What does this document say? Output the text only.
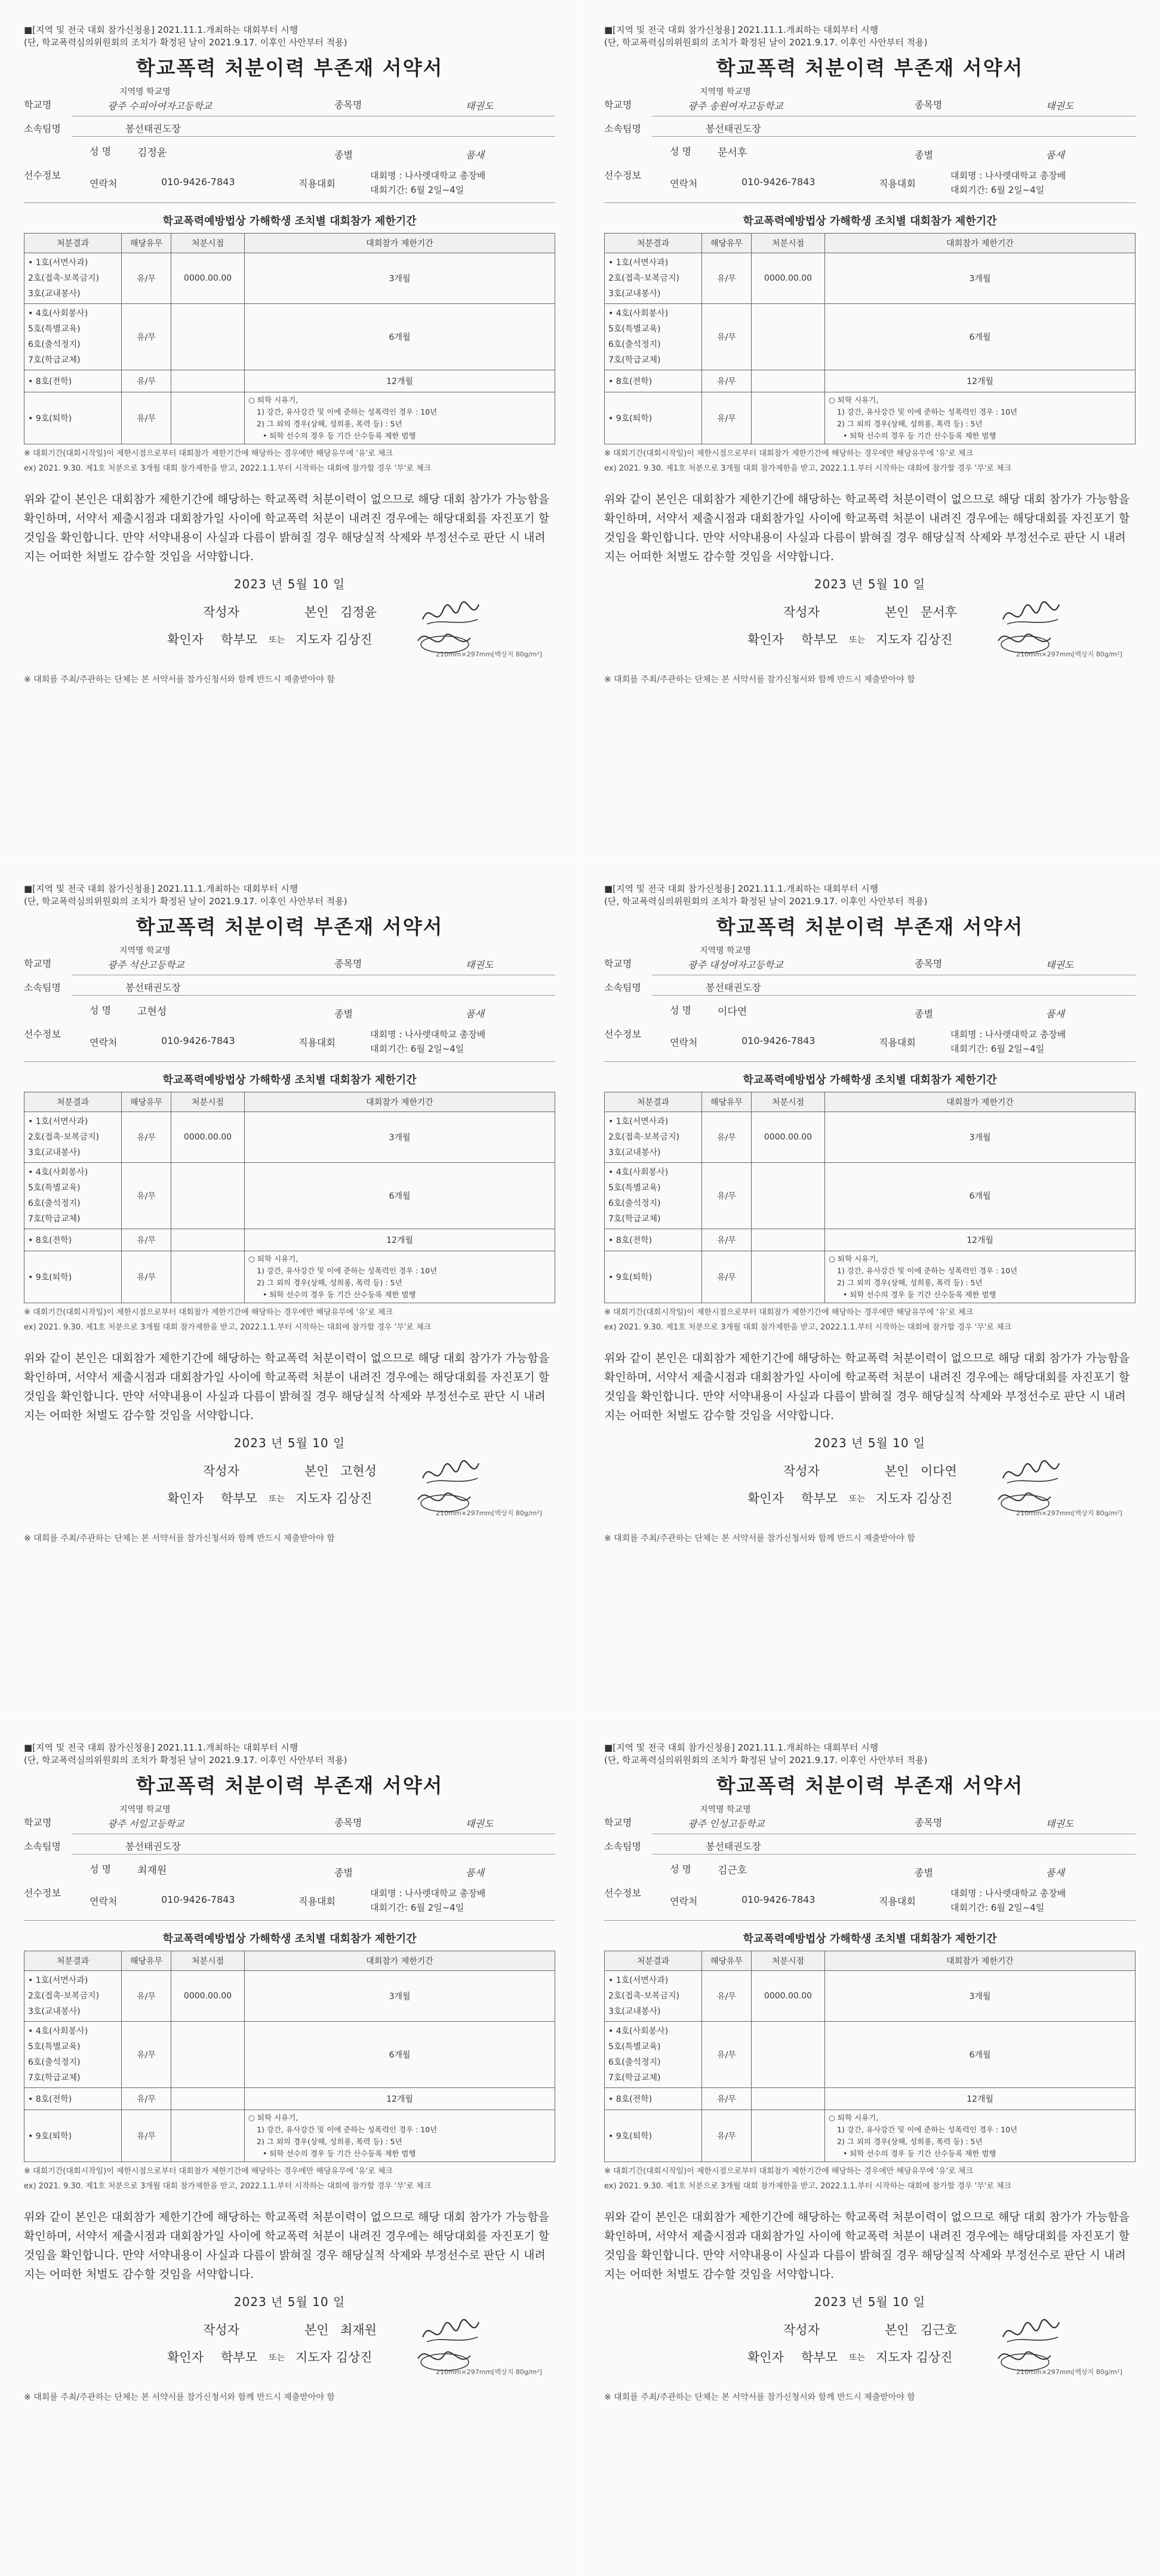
■[지역 및 전국 대회 참가신청용] 2021.11.1.개최하는 대회부터 시행
(단, 학교폭력심의위원회의 조치가 확정된 날이 2021.9.17. 이후인 사안부터 적용)
학교폭력 처분이력 부존재 서약서
지역명 학교명
학교명	광주 수피아여자고등학교	종목명	태권도
소속팀명	봉선태권도장
선수정보
성 명	김정윤	종별	품새
연락처	010-9426-7843	직용대회
대회명 : 나사렛대학교 총장배
대회기간: 6월 2일~4일
학교폭력예방법상 가해학생 조치별 대회참가 제한기간
처분결과	해당유무	처분시점	대회참가 제한기간

• 1호(서면사과)
2호(접촉·보복금지)
3호(교내봉사)	유/무	0000.00.00	3개월

• 4호(사회봉사)
5호(특별교육)
6호(출석정지)
7호(학급교체)	유/무		6개월
• 8호(전학)	유/무		12개월
• 9호(퇴학)	유/무		○ 퇴학 시유기,
1) 강간, 유사강간 및 이에 준하는 성폭력인 경우 : 10년
2) 그 외의 경우(상해, 성희롱, 폭력 등) : 5년
• 퇴학 선수의 경우 등 기간 산수등록 제한 범행
※ 대회기간(대회시작일)이 제한시점으로부터 대회참가 제한기간에 해당하는 경우에만 해당유무에 '유'로 체크
ex) 2021. 9.30. 제1호 처분으로 3개월 대회 참가제한을 받고, 2022.1.1.부터 시작하는 대회에 참가할 경우 '무'로 체크
위와 같이 본인은 대회참가 제한기간에 해당하는 학교폭력 처분이력이 없으므로 해당 대회 참가가 가능함을 확인하며, 서약서 제출시점과 대회참가일 사이에 학교폭력 처분이 내려진 경우에는 해당대회를 자진포기 할 것임을 확인합니다. 만약 서약내용이 사실과 다름이 밝혀질 경우 해당실적 삭제와 부정선수로 판단 시 내려지는 어떠한 처벌도 감수할 것임을 서약합니다.
2023 년 5월 10 일
작성자	본인 김정윤
확인자 학부모 또는 지도자 김상진
210mm×297mm[백상지 80g/m²]
※ 대회를 주최/주관하는 단체는 본 서약서를 참가신청서와 함께 반드시 제출받아야 함
■[지역 및 전국 대회 참가신청용] 2021.11.1.개최하는 대회부터 시행
(단, 학교폭력심의위원회의 조치가 확정된 날이 2021.9.17. 이후인 사안부터 적용)
학교폭력 처분이력 부존재 서약서
지역명 학교명
학교명	광주 송원여자고등학교	종목명	태권도
소속팀명	봉선태권도장
선수정보
성 명	문서후	종별	품새
연락처	010-9426-7843	직용대회
대회명 : 나사렛대학교 총장배
대회기간: 6월 2일~4일
학교폭력예방법상 가해학생 조치별 대회참가 제한기간
처분결과	해당유무	처분시점	대회참가 제한기간

• 1호(서면사과)
2호(접촉·보복금지)
3호(교내봉사)	유/무	0000.00.00	3개월

• 4호(사회봉사)
5호(특별교육)
6호(출석정지)
7호(학급교체)	유/무		6개월
• 8호(전학)	유/무		12개월
• 9호(퇴학)	유/무		○ 퇴학 시유기,
1) 강간, 유사강간 및 이에 준하는 성폭력인 경우 : 10년
2) 그 외의 경우(상해, 성희롱, 폭력 등) : 5년
• 퇴학 선수의 경우 등 기간 산수등록 제한 범행
※ 대회기간(대회시작일)이 제한시점으로부터 대회참가 제한기간에 해당하는 경우에만 해당유무에 '유'로 체크
ex) 2021. 9.30. 제1호 처분으로 3개월 대회 참가제한을 받고, 2022.1.1.부터 시작하는 대회에 참가할 경우 '무'로 체크
위와 같이 본인은 대회참가 제한기간에 해당하는 학교폭력 처분이력이 없으므로 해당 대회 참가가 가능함을 확인하며, 서약서 제출시점과 대회참가일 사이에 학교폭력 처분이 내려진 경우에는 해당대회를 자진포기 할 것임을 확인합니다. 만약 서약내용이 사실과 다름이 밝혀질 경우 해당실적 삭제와 부정선수로 판단 시 내려지는 어떠한 처벌도 감수할 것임을 서약합니다.
2023 년 5월 10 일
작성자	본인 문서후
확인자 학부모 또는 지도자 김상진
210mm×297mm[백상지 80g/m²]
※ 대회를 주최/주관하는 단체는 본 서약서를 참가신청서와 함께 반드시 제출받아야 함
■[지역 및 전국 대회 참가신청용] 2021.11.1.개최하는 대회부터 시행
(단, 학교폭력심의위원회의 조치가 확정된 날이 2021.9.17. 이후인 사안부터 적용)
학교폭력 처분이력 부존재 서약서
지역명 학교명
학교명	광주 석산고등학교	종목명	태권도
소속팀명	봉선태권도장
선수정보
성 명	고현성	종별	품새
연락처	010-9426-7843	직용대회
대회명 : 나사렛대학교 총장배
대회기간: 6월 2일~4일
학교폭력예방법상 가해학생 조치별 대회참가 제한기간
처분결과	해당유무	처분시점	대회참가 제한기간

• 1호(서면사과)
2호(접촉·보복금지)
3호(교내봉사)	유/무	0000.00.00	3개월

• 4호(사회봉사)
5호(특별교육)
6호(출석정지)
7호(학급교체)	유/무		6개월
• 8호(전학)	유/무		12개월
• 9호(퇴학)	유/무		○ 퇴학 시유기,
1) 강간, 유사강간 및 이에 준하는 성폭력인 경우 : 10년
2) 그 외의 경우(상해, 성희롱, 폭력 등) : 5년
• 퇴학 선수의 경우 등 기간 산수등록 제한 범행
※ 대회기간(대회시작일)이 제한시점으로부터 대회참가 제한기간에 해당하는 경우에만 해당유무에 '유'로 체크
ex) 2021. 9.30. 제1호 처분으로 3개월 대회 참가제한을 받고, 2022.1.1.부터 시작하는 대회에 참가할 경우 '무'로 체크
위와 같이 본인은 대회참가 제한기간에 해당하는 학교폭력 처분이력이 없으므로 해당 대회 참가가 가능함을 확인하며, 서약서 제출시점과 대회참가일 사이에 학교폭력 처분이 내려진 경우에는 해당대회를 자진포기 할 것임을 확인합니다. 만약 서약내용이 사실과 다름이 밝혀질 경우 해당실적 삭제와 부정선수로 판단 시 내려지는 어떠한 처벌도 감수할 것임을 서약합니다.
2023 년 5월 10 일
작성자	본인 고현성
확인자 학부모 또는 지도자 김상진
210mm×297mm[백상지 80g/m²]
※ 대회를 주최/주관하는 단체는 본 서약서를 참가신청서와 함께 반드시 제출받아야 함
■[지역 및 전국 대회 참가신청용] 2021.11.1.개최하는 대회부터 시행
(단, 학교폭력심의위원회의 조치가 확정된 날이 2021.9.17. 이후인 사안부터 적용)
학교폭력 처분이력 부존재 서약서
지역명 학교명
학교명	광주 대성여자고등학교	종목명	태권도
소속팀명	봉선태권도장
선수정보
성 명	이다연	종별	품새
연락처	010-9426-7843	직용대회
대회명 : 나사렛대학교 총장배
대회기간: 6월 2일~4일
학교폭력예방법상 가해학생 조치별 대회참가 제한기간
처분결과	해당유무	처분시점	대회참가 제한기간

• 1호(서면사과)
2호(접촉·보복금지)
3호(교내봉사)	유/무	0000.00.00	3개월

• 4호(사회봉사)
5호(특별교육)
6호(출석정지)
7호(학급교체)	유/무		6개월
• 8호(전학)	유/무		12개월
• 9호(퇴학)	유/무		○ 퇴학 시유기,
1) 강간, 유사강간 및 이에 준하는 성폭력인 경우 : 10년
2) 그 외의 경우(상해, 성희롱, 폭력 등) : 5년
• 퇴학 선수의 경우 등 기간 산수등록 제한 범행
※ 대회기간(대회시작일)이 제한시점으로부터 대회참가 제한기간에 해당하는 경우에만 해당유무에 '유'로 체크
ex) 2021. 9.30. 제1호 처분으로 3개월 대회 참가제한을 받고, 2022.1.1.부터 시작하는 대회에 참가할 경우 '무'로 체크
위와 같이 본인은 대회참가 제한기간에 해당하는 학교폭력 처분이력이 없으므로 해당 대회 참가가 가능함을 확인하며, 서약서 제출시점과 대회참가일 사이에 학교폭력 처분이 내려진 경우에는 해당대회를 자진포기 할 것임을 확인합니다. 만약 서약내용이 사실과 다름이 밝혀질 경우 해당실적 삭제와 부정선수로 판단 시 내려지는 어떠한 처벌도 감수할 것임을 서약합니다.
2023 년 5월 10 일
작성자	본인 이다연
확인자 학부모 또는 지도자 김상진
210mm×297mm[백상지 80g/m²]
※ 대회를 주최/주관하는 단체는 본 서약서를 참가신청서와 함께 반드시 제출받아야 함
■[지역 및 전국 대회 참가신청용] 2021.11.1.개최하는 대회부터 시행
(단, 학교폭력심의위원회의 조치가 확정된 날이 2021.9.17. 이후인 사안부터 적용)
학교폭력 처분이력 부존재 서약서
지역명 학교명
학교명	광주 서일고등학교	종목명	태권도
소속팀명	봉선태권도장
선수정보
성 명	최재원	종별	품새
연락처	010-9426-7843	직용대회
대회명 : 나사렛대학교 총장배
대회기간: 6월 2일~4일
학교폭력예방법상 가해학생 조치별 대회참가 제한기간
처분결과	해당유무	처분시점	대회참가 제한기간

• 1호(서면사과)
2호(접촉·보복금지)
3호(교내봉사)	유/무	0000.00.00	3개월

• 4호(사회봉사)
5호(특별교육)
6호(출석정지)
7호(학급교체)	유/무		6개월
• 8호(전학)	유/무		12개월
• 9호(퇴학)	유/무		○ 퇴학 시유기,
1) 강간, 유사강간 및 이에 준하는 성폭력인 경우 : 10년
2) 그 외의 경우(상해, 성희롱, 폭력 등) : 5년
• 퇴학 선수의 경우 등 기간 산수등록 제한 범행
※ 대회기간(대회시작일)이 제한시점으로부터 대회참가 제한기간에 해당하는 경우에만 해당유무에 '유'로 체크
ex) 2021. 9.30. 제1호 처분으로 3개월 대회 참가제한을 받고, 2022.1.1.부터 시작하는 대회에 참가할 경우 '무'로 체크
위와 같이 본인은 대회참가 제한기간에 해당하는 학교폭력 처분이력이 없으므로 해당 대회 참가가 가능함을 확인하며, 서약서 제출시점과 대회참가일 사이에 학교폭력 처분이 내려진 경우에는 해당대회를 자진포기 할 것임을 확인합니다. 만약 서약내용이 사실과 다름이 밝혀질 경우 해당실적 삭제와 부정선수로 판단 시 내려지는 어떠한 처벌도 감수할 것임을 서약합니다.
2023 년 5월 10 일
작성자	본인 최재원
확인자 학부모 또는 지도자 김상진
210mm×297mm[백상지 80g/m²]
※ 대회를 주최/주관하는 단체는 본 서약서를 참가신청서와 함께 반드시 제출받아야 함
■[지역 및 전국 대회 참가신청용] 2021.11.1.개최하는 대회부터 시행
(단, 학교폭력심의위원회의 조치가 확정된 날이 2021.9.17. 이후인 사안부터 적용)
학교폭력 처분이력 부존재 서약서
지역명 학교명
학교명	광주 인성고등학교	종목명	태권도
소속팀명	봉선태권도장
선수정보
성 명	김근호	종별	품새
연락처	010-9426-7843	직용대회
대회명 : 나사렛대학교 총장배
대회기간: 6월 2일~4일
학교폭력예방법상 가해학생 조치별 대회참가 제한기간
처분결과	해당유무	처분시점	대회참가 제한기간

• 1호(서면사과)
2호(접촉·보복금지)
3호(교내봉사)	유/무	0000.00.00	3개월

• 4호(사회봉사)
5호(특별교육)
6호(출석정지)
7호(학급교체)	유/무		6개월
• 8호(전학)	유/무		12개월
• 9호(퇴학)	유/무		○ 퇴학 시유기,
1) 강간, 유사강간 및 이에 준하는 성폭력인 경우 : 10년
2) 그 외의 경우(상해, 성희롱, 폭력 등) : 5년
• 퇴학 선수의 경우 등 기간 산수등록 제한 범행
※ 대회기간(대회시작일)이 제한시점으로부터 대회참가 제한기간에 해당하는 경우에만 해당유무에 '유'로 체크
ex) 2021. 9.30. 제1호 처분으로 3개월 대회 참가제한을 받고, 2022.1.1.부터 시작하는 대회에 참가할 경우 '무'로 체크
위와 같이 본인은 대회참가 제한기간에 해당하는 학교폭력 처분이력이 없으므로 해당 대회 참가가 가능함을 확인하며, 서약서 제출시점과 대회참가일 사이에 학교폭력 처분이 내려진 경우에는 해당대회를 자진포기 할 것임을 확인합니다. 만약 서약내용이 사실과 다름이 밝혀질 경우 해당실적 삭제와 부정선수로 판단 시 내려지는 어떠한 처벌도 감수할 것임을 서약합니다.
2023 년 5월 10 일
작성자	본인 김근호
확인자 학부모 또는 지도자 김상진
210mm×297mm[백상지 80g/m²]
※ 대회를 주최/주관하는 단체는 본 서약서를 참가신청서와 함께 반드시 제출받아야 함
